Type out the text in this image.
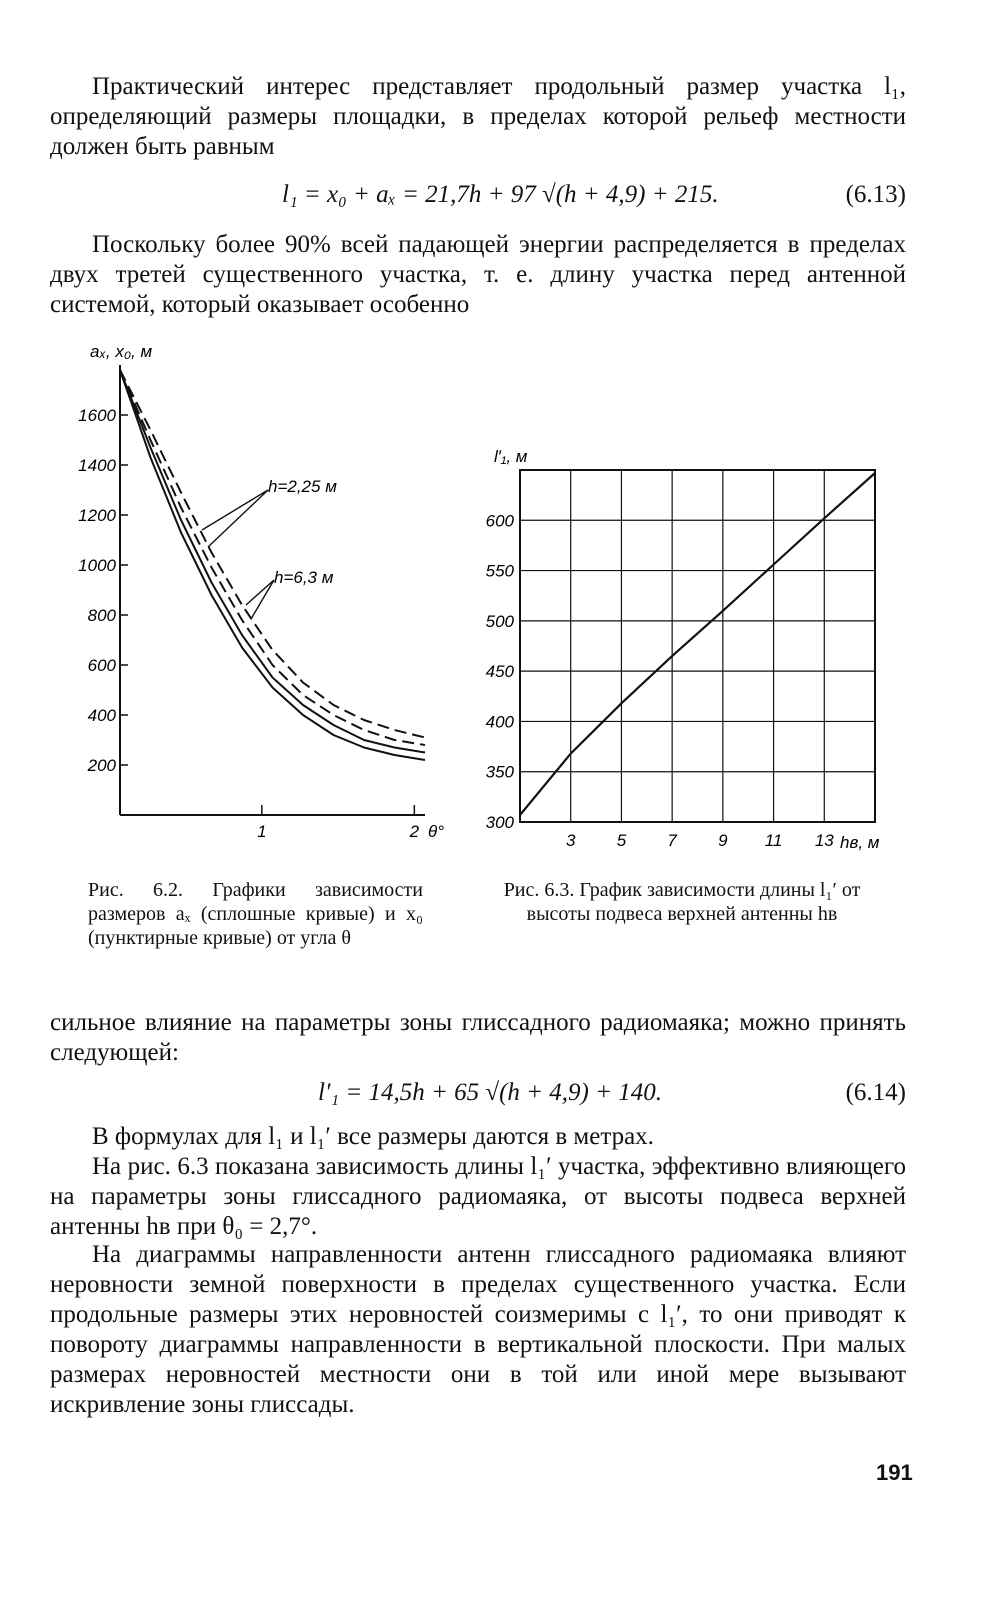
Практический интерес представляет продольный размер участка l₁, определяющий размеры площадки, в пределах которой рельеф местности должен быть равным

l₁ = x₀ + aₓ = 21,7h + 97 √(h + 4,9) + 215.	(6.13)

Поскольку более 90% всей падающей энергии распределяется в пределах двух третей существенного участка, т. е. длину участка перед антенной системой, который оказывает особенно

aₓ, x₀, м
1600
1400
1200
1000
800
600
400
200
1	2 θ°
h=2,25 м
h=6,3 м
l′₁, м
300
350
400
450
500
550
600
3 5 7 9 11 13 hв, м
Рис. 6.2. Графики зависимости размеров aₓ (сплошные кривые) и x₀ (пунктирные кривые) от угла θ
Рис. 6.3. График зависимости длины l₁′ от высоты подвеса верхней антенны hв

сильное влияние на параметры зоны глиссадного радиомаяка; можно принять следующей:

l′₁ = 14,5h + 65 √(h + 4,9) + 140.	(6.14)

В формулах для l₁ и l₁′ все размеры даются в метрах.

На рис. 6.3 показана зависимость длины l₁′ участка, эффективно влияющего на параметры зоны глиссадного радиомаяка, от высоты подвеса верхней антенны hв при θ₀ = 2,7°.

На диаграммы направленности антенн глиссадного радиомаяка влияют неровности земной поверхности в пределах существенного участка. Если продольные размеры этих неровностей соизмеримы с l₁′, то они приводят к повороту диаграммы направленности в вертикальной плоскости. При малых размерах неровностей местности они в той или иной мере вызывают искривление зоны глиссады.

191
